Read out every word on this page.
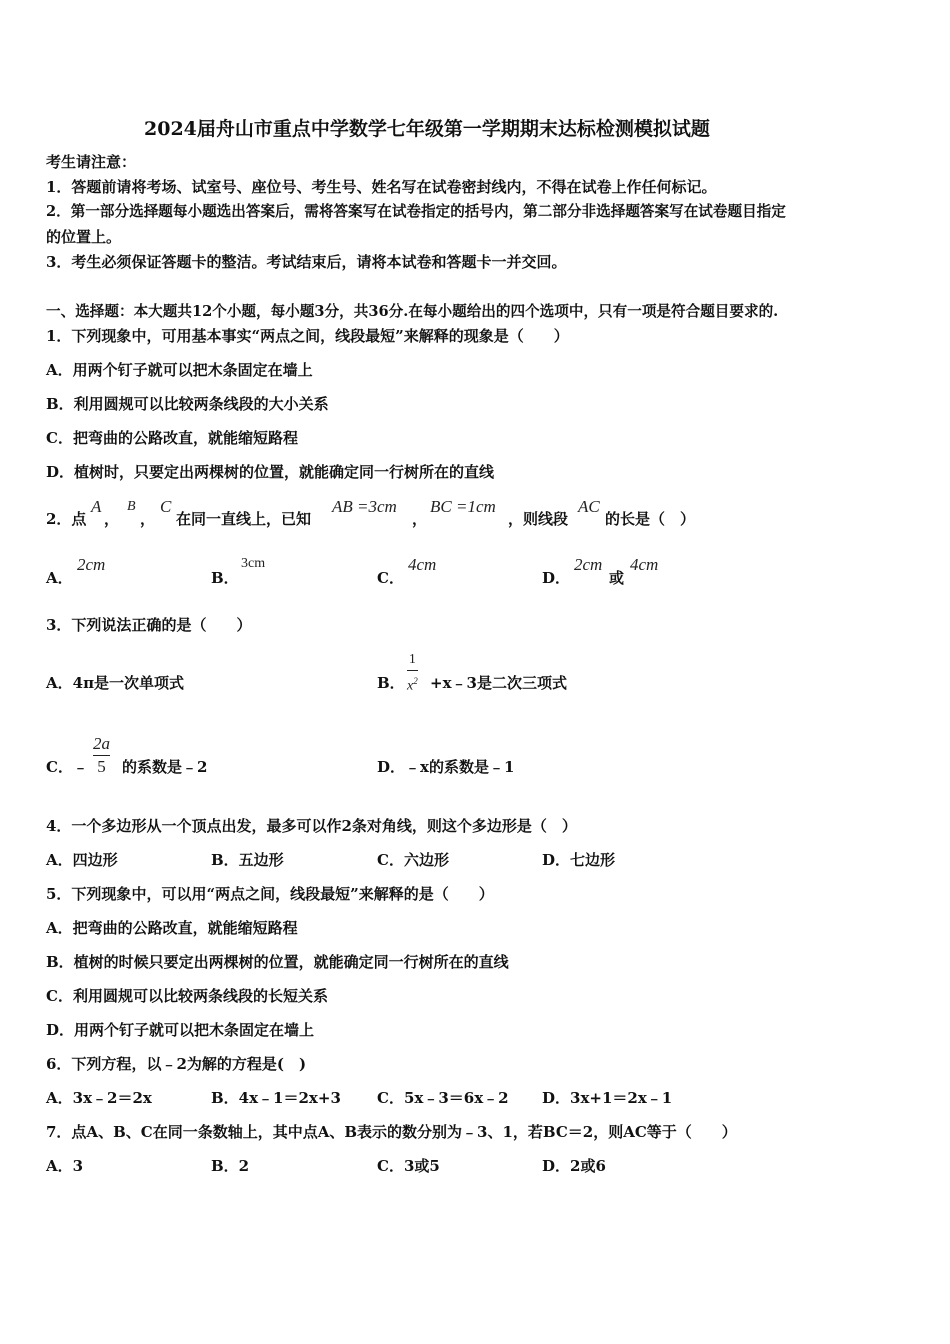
2024届舟山市重点中学数学七年级第一学期期末达标检测模拟试题
考生请注意：
1．答题前请将考场、试室号、座位号、考生号、姓名写在试卷密封线内，不得在试卷上作任何标记。
2．第一部分选择题每小题选出答案后，需将答案写在试卷指定的括号内，第二部分非选择题答案写在试卷题目指定
的位置上。
3．考生必须保证答题卡的整洁。考试结束后，请将本试卷和答题卡一并交回。
一、选择题：本大题共12个小题，每小题3分，共36分.在每小题给出的四个选项中，只有一项是符合题目要求的.
1．下列现象中，可用基本事实“两点之间，线段最短”来解释的现象是（　　）
A．用两个钉子就可以把木条固定在墙上
B．利用圆规可以比较两条线段的大小关系
C．把弯曲的公路改直，就能缩短路程
D．植树时，只要定出两棵树的位置，就能确定同一行树所在的直线
2．点
A
，
B
，
C
在同一直线上，已知
AB =3cm
，
BC =1cm
，则线段
AC
的长是（　）
A．
2cm
B．
3cm
C．
4cm
D．
2cm
或
4cm
3．下列说法正确的是（　　）
A．4π是一次单项式	B．
1
$x^2$ +x﹣3是二次三项式
C．﹣
2a
5 的系数是﹣2	D．﹣x的系数是﹣1
4．一个多边形从一个顶点出发，最多可以作2条对角线，则这个多边形是（　）
A．四边形	B．五边形	C．六边形	D．七边形
5．下列现象中，可以用“两点之间，线段最短”来解释的是（　　）
A．把弯曲的公路改直，就能缩短路程
B．植树的时候只要定出两棵树的位置，就能确定同一行树所在的直线
C．利用圆规可以比较两条线段的长短关系
D．用两个钉子就可以把木条固定在墙上
6．下列方程，以﹣2为解的方程是(　)
A．3x﹣2＝2x	B．4x﹣1＝2x+3 C．5x﹣3＝6x﹣2 D．3x+1＝2x﹣1
7．点A、B、C在同一条数轴上，其中点A、B表示的数分别为﹣3、1，若BC＝2，则AC等于（　　）
A．3	B．2	C．3或5	D．2或6
